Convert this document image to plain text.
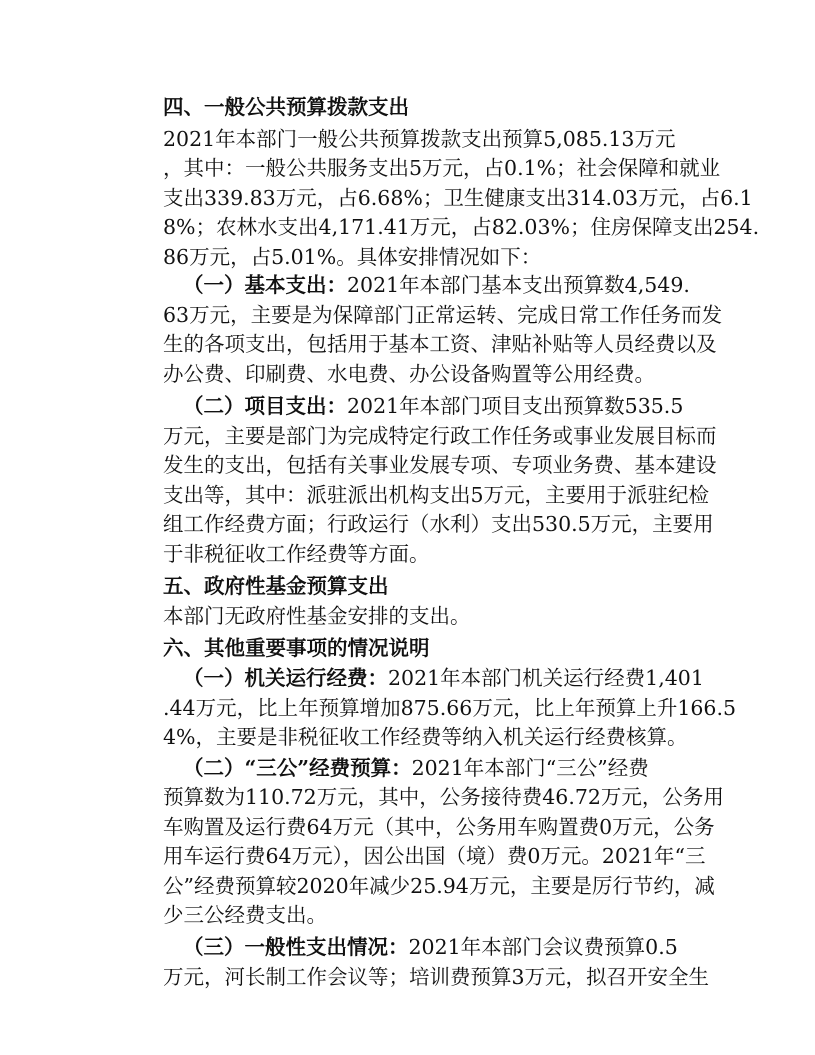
四、一般公共预算拨款支出
2021年本部门一般公共预算拨款支出预算5,085.13万元
，其中：一般公共服务支出5万元，占0.1%；社会保障和就业
支出339.83万元，占6.68%；卫生健康支出314.03万元，占6.1
8%；农林水支出4,171.41万元，占82.03%；住房保障支出254.
86万元，占5.01%。具体安排情况如下：
（一）基本支出：2021年本部门基本支出预算数4,549.
63万元，主要是为保障部门正常运转、完成日常工作任务而发
生的各项支出，包括用于基本工资、津贴补贴等人员经费以及
办公费、印刷费、水电费、办公设备购置等公用经费。
（二）项目支出：2021年本部门项目支出预算数535.5
万元，主要是部门为完成特定行政工作任务或事业发展目标而
发生的支出，包括有关事业发展专项、专项业务费、基本建设
支出等，其中：派驻派出机构支出5万元，主要用于派驻纪检
组工作经费方面；行政运行（水利）支出530.5万元，主要用
于非税征收工作经费等方面。
五、政府性基金预算支出
本部门无政府性基金安排的支出。
六、其他重要事项的情况说明
（一）机关运行经费：2021年本部门机关运行经费1,401
.44万元，比上年预算增加875.66万元，比上年预算上升166.5
4%，主要是非税征收工作经费等纳入机关运行经费核算。
（二）“三公”经费预算：2021年本部门“三公”经费
预算数为110.72万元，其中，公务接待费46.72万元，公务用
车购置及运行费64万元（其中，公务用车购置费0万元，公务
用车运行费64万元），因公出国（境）费0万元。2021年“三
公”经费预算较2020年减少25.94万元，主要是厉行节约，减
少三公经费支出。
（三）一般性支出情况：2021年本部门会议费预算0.5
万元，河长制工作会议等；培训费预算3万元，拟召开安全生
